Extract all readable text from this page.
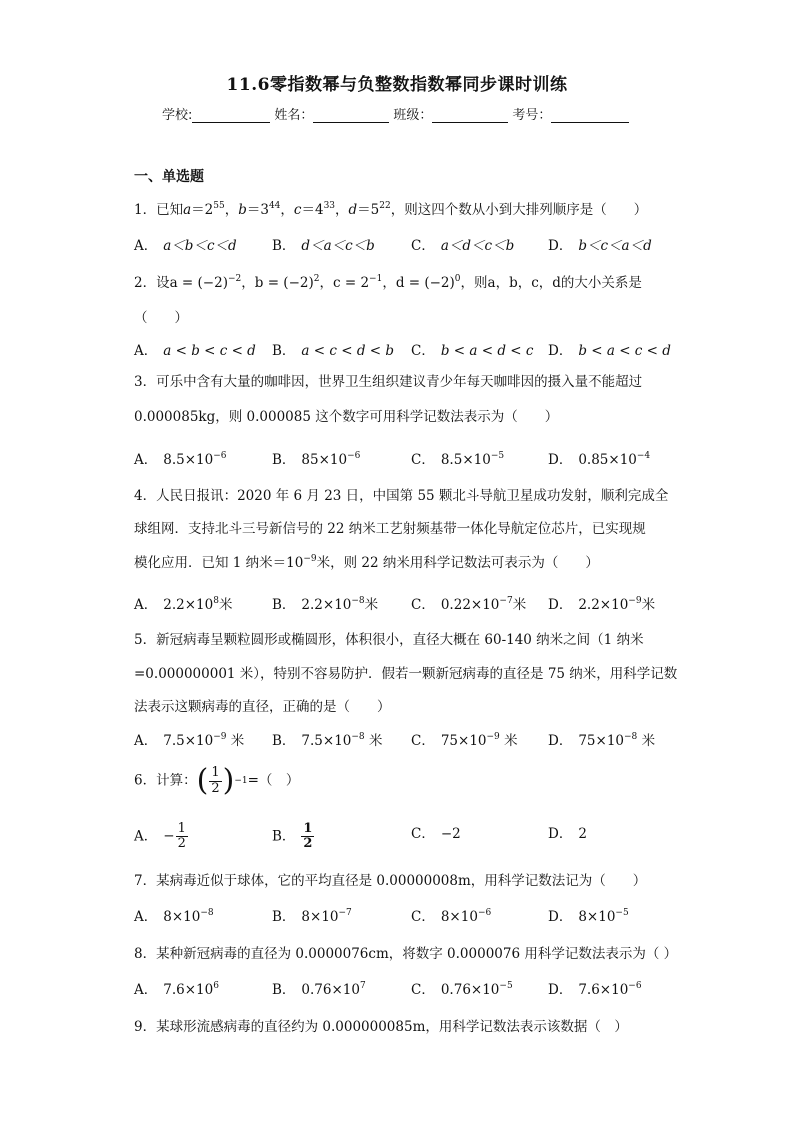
11.6零指数幂与负整数指数幂同步课时训练
学校:	姓名：	班级：	考号：
一、单选题
1．已知$a=2^{55}$，$b=3^{44}$，$c=4^{33}$，$d=5^{22}$，则这四个数从小到大排列顺序是（　　）
A． a＜b＜c＜d	B． d＜a＜c＜b	C． a＜d＜c＜b	D． b＜c＜a＜d
2．设$a = (-2)^{-2}$，$b = (-2)^2$，$c = 2^{-1}$，$d = (-2)^0$，则a，b，c，d的大小关系是
（　　）
A． a < b < c < d B． a < c < d < b C． b < a < d < c D． b < a < c < d
3．可乐中含有大量的咖啡因，世界卫生组织建议青少年每天咖啡因的摄入量不能超过
0.000085kg，则 0.000085 这个数字可用科学记数法表示为（　　）
A． $8.5\times 10^{-6}$	B． $85\times 10^{-6}$	C． $8.5\times 10^{-5}$	D． $0.85\times 10^{-4}$
4．人民日报讯：2020 年 6 月 23 日，中国第 55 颗北斗导航卫星成功发射，顺利完成全
球组网．支持北斗三号新信号的 22 纳米工艺射频基带一体化导航定位芯片，已实现规
模化应用．已知 1 纳米$=10^{-9}$米，则 22 纳米用科学记数法可表示为（　　）
A． $2.2\times 10^8$米	B． $2.2\times 10^{-8}$米 C． $0.22\times 10^{-7}$米 D． $2.2\times 10^{-9}$米
5．新冠病毒呈颗粒圆形或椭圆形，体积很小，直径大概在 60-140 纳米之间（1 纳米
=0.000000001 米），特别不容易防护．假若一颗新冠病毒的直径是 75 纳米，用科学记数
法表示这颗病毒的直径，正确的是（　　）
A． $7.5\times 10^{-9}$ 米 B． $7.5\times 10^{-8}$ 米 C． $75\times 10^{-9}$ 米 D． $75\times 10^{-8}$ 米
6．计算： ( $\frac{1}{2}$ ) −1 =（　）
A． − $\frac{1}{2}$	B． $\frac{1}{2}$	C． −2	D． 2
7．某病毒近似于球体，它的平均直径是 0.00000008m，用科学记数法记为（　　）
A． $8\times 10^{-8}$	B． $8\times 10^{-7}$	C． $8\times 10^{-6}$	D． $8\times 10^{-5}$
8．某种新冠病毒的直径为 0.0000076cm，将数字 0.0000076 用科学记数法表示为（ ）
A． $7.6\times 10^6$	B． $0.76\times 10^7$	C． $0.76\times 10^{-5}$	D． $7.6\times 10^{-6}$
9．某球形流感病毒的直径约为 0.000000085m，用科学记数法表示该数据（　）
